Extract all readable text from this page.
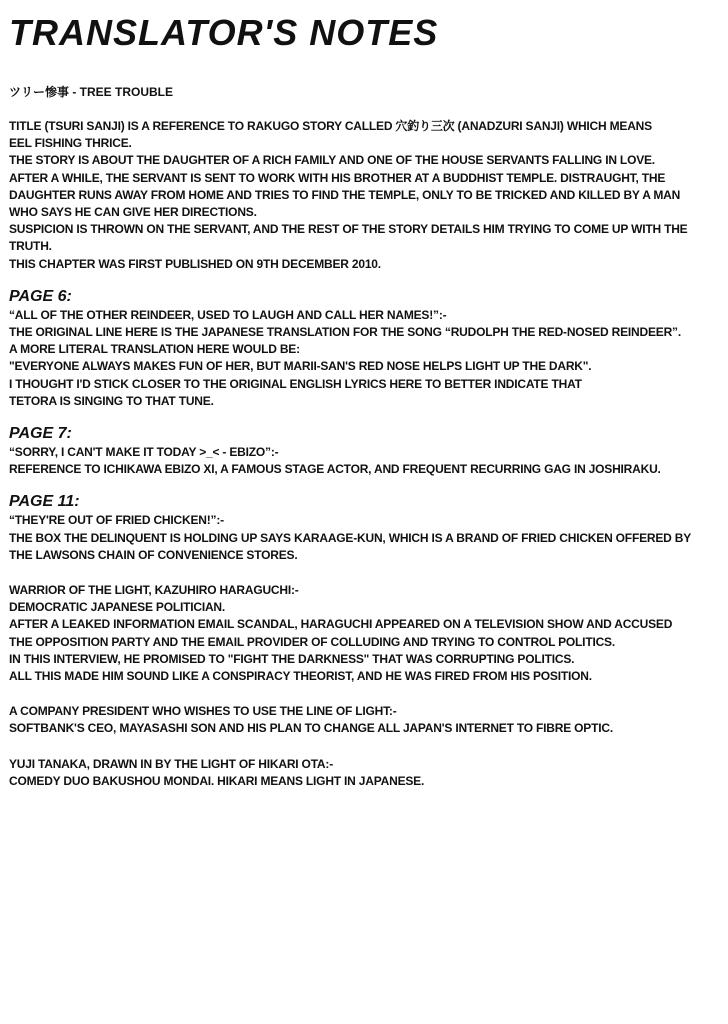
TRANSLATOR'S NOTES
ツリー惨事 - TREE TROUBLE
TITLE (TSURI SANJI) IS A REFERENCE TO RAKUGO STORY CALLED 穴釣り三次 (ANADZURI SANJI) WHICH MEANS
EEL FISHING THRICE.
THE STORY IS ABOUT THE DAUGHTER OF A RICH FAMILY AND ONE OF THE HOUSE SERVANTS FALLING IN LOVE.
AFTER A WHILE, THE SERVANT IS SENT TO WORK WITH HIS BROTHER AT A BUDDHIST TEMPLE. DISTRAUGHT, THE
DAUGHTER RUNS AWAY FROM HOME AND TRIES TO FIND THE TEMPLE, ONLY TO BE TRICKED AND KILLED BY A MAN
WHO SAYS HE CAN GIVE HER DIRECTIONS.
SUSPICION IS THROWN ON THE SERVANT, AND THE REST OF THE STORY DETAILS HIM TRYING TO COME UP WITH THE
TRUTH.
THIS CHAPTER WAS FIRST PUBLISHED ON 9TH DECEMBER 2010.
PAGE 6:
“ALL OF THE OTHER REINDEER, USED TO LAUGH AND CALL HER NAMES!”:-
THE ORIGINAL LINE HERE IS THE JAPANESE TRANSLATION FOR THE SONG “RUDOLPH THE RED-NOSED REINDEER”.
A MORE LITERAL TRANSLATION HERE WOULD BE:
"EVERYONE ALWAYS MAKES FUN OF HER, BUT MARII-SAN'S RED NOSE HELPS LIGHT UP THE DARK".
I THOUGHT I'D STICK CLOSER TO THE ORIGINAL ENGLISH LYRICS HERE TO BETTER INDICATE THAT
TETORA IS SINGING TO THAT TUNE.
PAGE 7:
“SORRY, I CAN'T MAKE IT TODAY >_< - EBIZO”:-
REFERENCE TO ICHIKAWA EBIZO XI, A FAMOUS STAGE ACTOR, AND FREQUENT RECURRING GAG IN JOSHIRAKU.
PAGE 11:
“THEY'RE OUT OF FRIED CHICKEN!”:-
THE BOX THE DELINQUENT IS HOLDING UP SAYS KARAAGE-KUN, WHICH IS A BRAND OF FRIED CHICKEN OFFERED BY
THE LAWSONS CHAIN OF CONVENIENCE STORES.
WARRIOR OF THE LIGHT, KAZUHIRO HARAGUCHI:-
DEMOCRATIC JAPANESE POLITICIAN.
AFTER A LEAKED INFORMATION EMAIL SCANDAL, HARAGUCHI APPEARED ON A TELEVISION SHOW AND ACCUSED
THE OPPOSITION PARTY AND THE EMAIL PROVIDER OF COLLUDING AND TRYING TO CONTROL POLITICS.
IN THIS INTERVIEW, HE PROMISED TO "FIGHT THE DARKNESS" THAT WAS CORRUPTING POLITICS.
ALL THIS MADE HIM SOUND LIKE A CONSPIRACY THEORIST, AND HE WAS FIRED FROM HIS POSITION.
A COMPANY PRESIDENT WHO WISHES TO USE THE LINE OF LIGHT:-
SOFTBANK'S CEO, MAYASASHI SON AND HIS PLAN TO CHANGE ALL JAPAN'S INTERNET TO FIBRE OPTIC.
YUJI TANAKA, DRAWN IN BY THE LIGHT OF HIKARI OTA:-
COMEDY DUO BAKUSHOU MONDAI. HIKARI MEANS LIGHT IN JAPANESE.
